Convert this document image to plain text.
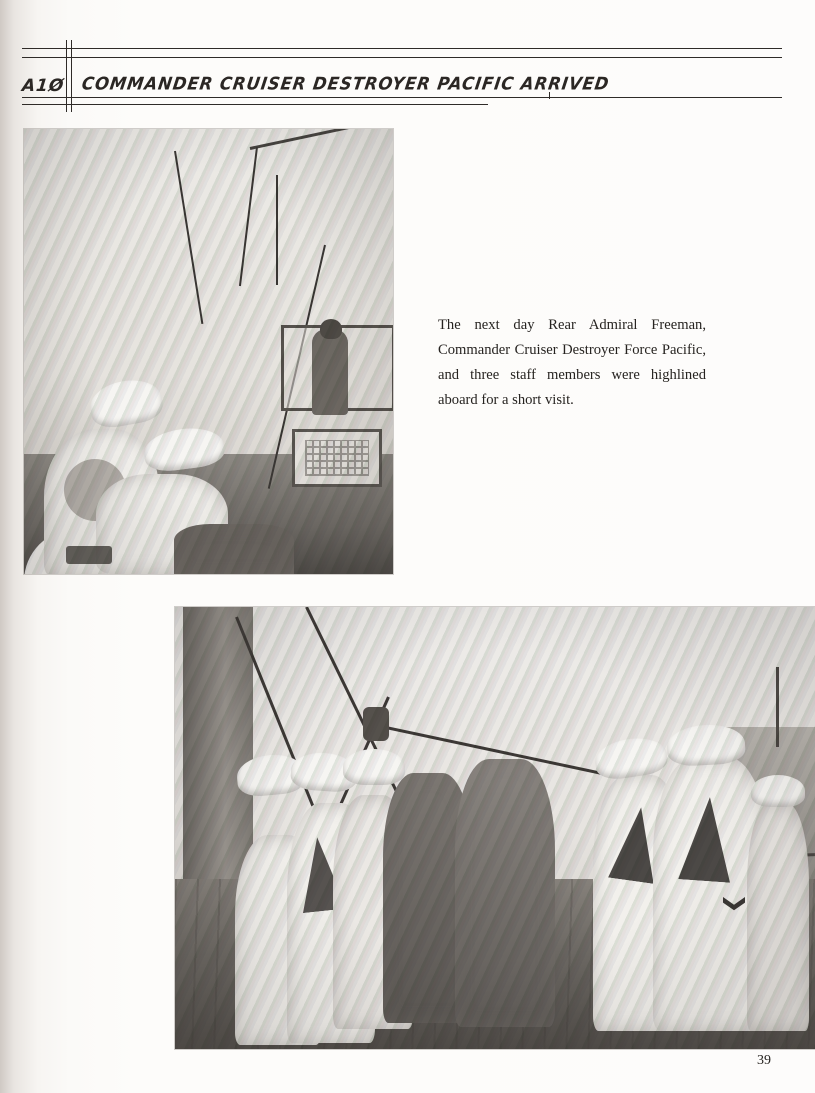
A1Ø COMMANDER CRUISER DESTROYER PACIFIC ARRIVED

The next day Rear Admiral Freeman, Commander Cruiser Destroyer Force Pacific, and three staff members were highlined aboard for a short visit.

39
